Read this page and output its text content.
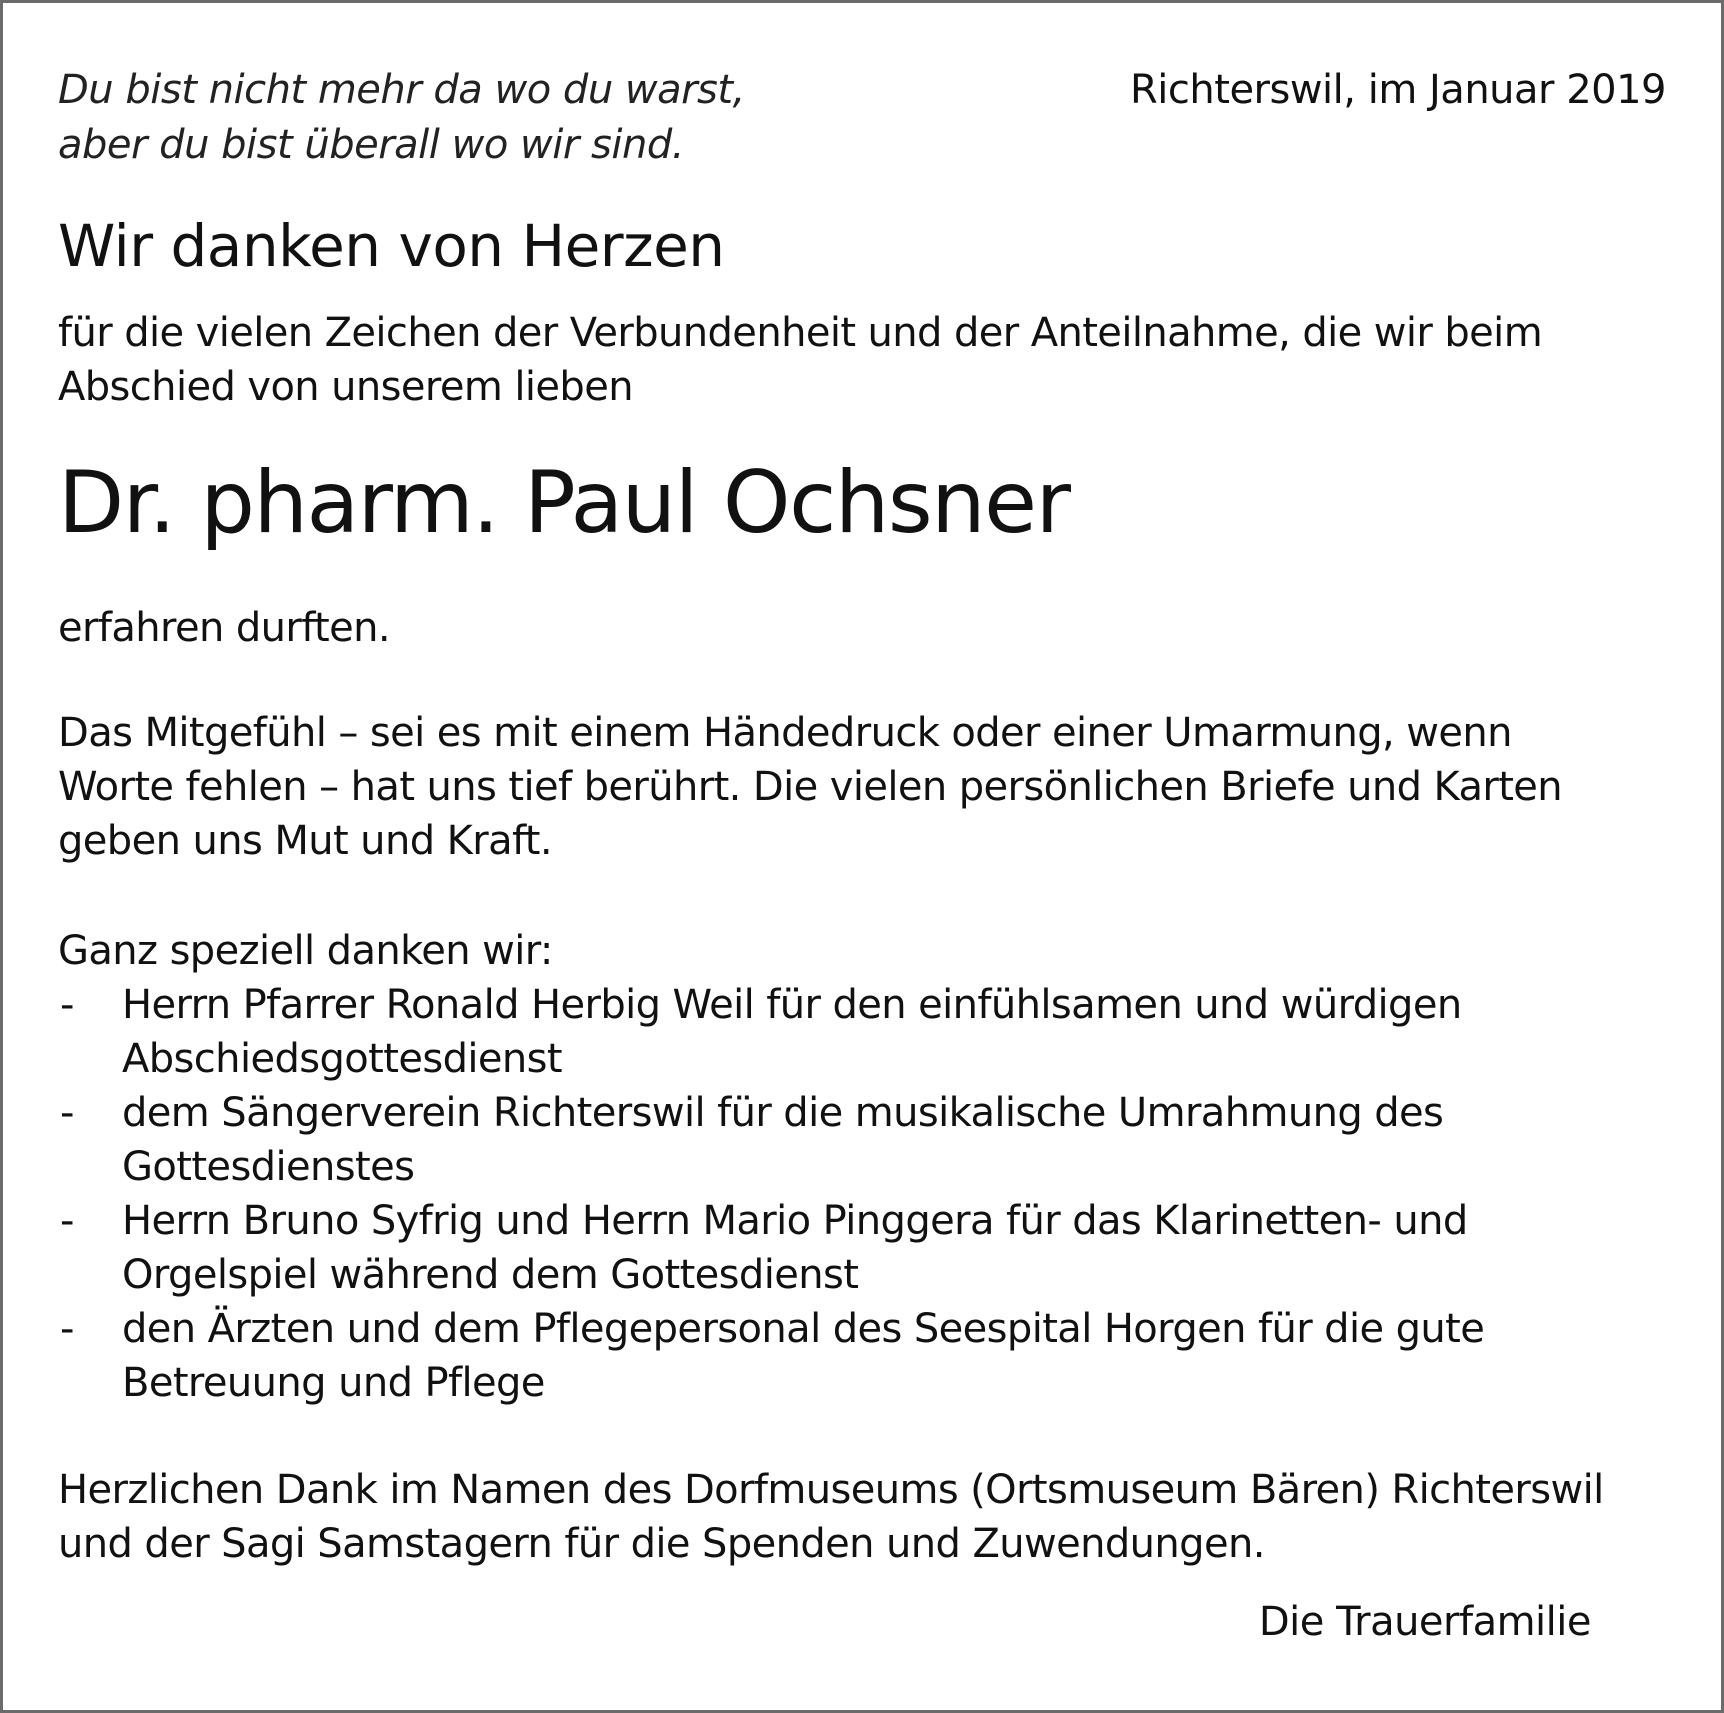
Du bist nicht mehr da wo du warst,
aber du bist überall wo wir sind.
Richterswil, im Januar 2019
Wir danken von Herzen
für die vielen Zeichen der Verbundenheit und der Anteilnahme, die wir beim
Abschied von unserem lieben
Dr. pharm. Paul Ochsner
erfahren durften.
Das Mitgefühl – sei es mit einem Händedruck oder einer Umarmung, wenn
Worte fehlen – hat uns tief berührt. Die vielen persönlichen Briefe und Karten
geben uns Mut und Kraft.
Ganz speziell danken wir:
- Herrn Pfarrer Ronald Herbig Weil für den einfühlsamen und würdigen
Abschiedsgottesdienst
- dem Sängerverein Richterswil für die musikalische Umrahmung des
Gottesdienstes
- Herrn Bruno Syfrig und Herrn Mario Pinggera für das Klarinetten- und
Orgelspiel während dem Gottesdienst
- den Ärzten und dem Pflegepersonal des Seespital Horgen für die gute
Betreuung und Pflege
Herzlichen Dank im Namen des Dorfmuseums (Ortsmuseum Bären) Richterswil
und der Sagi Samstagern für die Spenden und Zuwendungen.
Die Trauerfamilie
